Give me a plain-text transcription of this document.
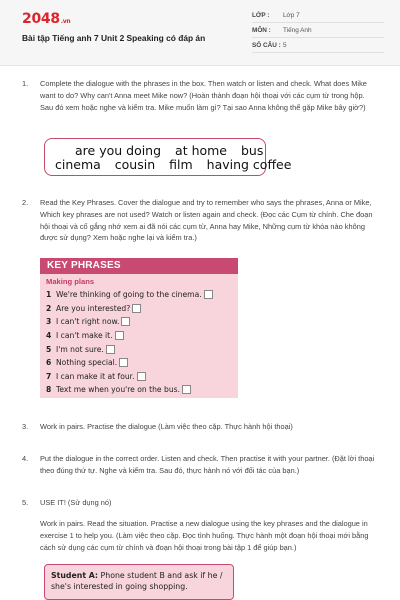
2048.vn
Bài tập Tiếng anh 7 Unit 2 Speaking có đáp án
LỚP :	Lớp 7
MÔN :	Tiếng Anh
SỐ CÂU : 5
1. Complete the dialogue with the phrases in the box. Then watch or listen and check. What does Mike want to do? Why can't Anna meet Mike now? (Hoàn thành đoạn hội thoại với các cụm từ trong hộp. Sau đó xem hoặc nghe và kiểm tra. Mike muốn làm gì? Tại sao Anna không thể gặp Mike bây giờ?)
are you doing at home bus
cinema cousin film having coffee
2. Read the Key Phrases. Cover the dialogue and try to remember who says the phrases, Anna or Mike, Which key phrases are not used? Watch or listen again and check. (Đọc các Cụm từ chính. Che đoạn hội thoại và cố gắng nhớ xem ai đã nói các cụm từ, Anna hay Mike, Những cụm từ khóa nào không được sử dụng? Xem hoặc nghe lại và kiểm tra.)
KEY PHRASES
Making plans
1 We're thinking of going to the cinema.
2 Are you interested?
3 I can't right now.
4 I can't make it.
5 I'm not sure.
6 Nothing special.
7 I can make it at four.
8 Text me when you're on the bus.
3. Work in pairs. Practise the dialogue (Làm việc theo cặp. Thực hành hội thoại)
4. Put the dialogue in the correct order. Listen and check. Then practise it with your partner. (Đặt lời thoại theo đúng thứ tự. Nghe và kiểm tra. Sau đó, thực hành nó với đối tác của bạn.)
5. USE IT! (Sử dụng nó)
Work in pairs. Read the situation. Practise a new dialogue using the key phrases and the dialogue in exercise 1 to help you. (Làm việc theo cặp. Đọc tình huống. Thực hành một đoạn hội thoại mới bằng cách sử dụng các cụm từ chính và đoạn hội thoại trong bài tập 1 để giúp bạn.)
Student A: Phone student B and ask if he / she's interested in going shopping.
